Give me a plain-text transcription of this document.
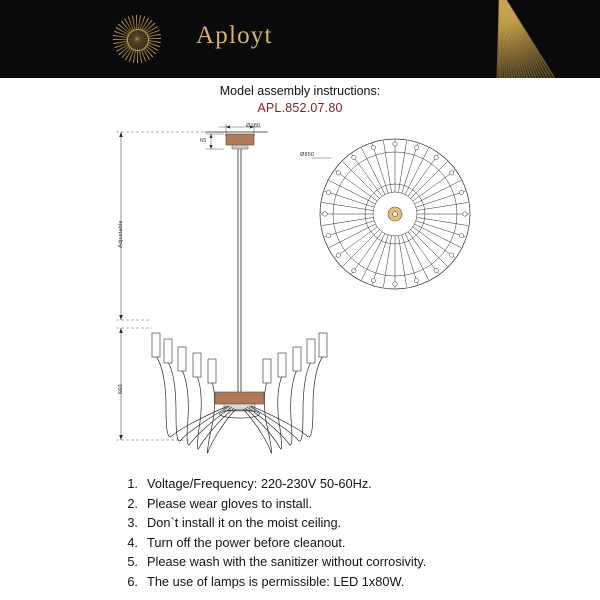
Aployt
Model assembly instructions:
APL.852.07.80
Ø180
65
Ø850
Adjustable
660
1. Voltage/Frequency: 220-230V 50-60Hz.
2. Please wear gloves to install.
3. Don`t install it on the moist ceiling.
4. Turn off the power before cleanout.
5. Please wash with the sanitizer without corrosivity.
6. The use of lamps is permissible: LED 1x80W.
